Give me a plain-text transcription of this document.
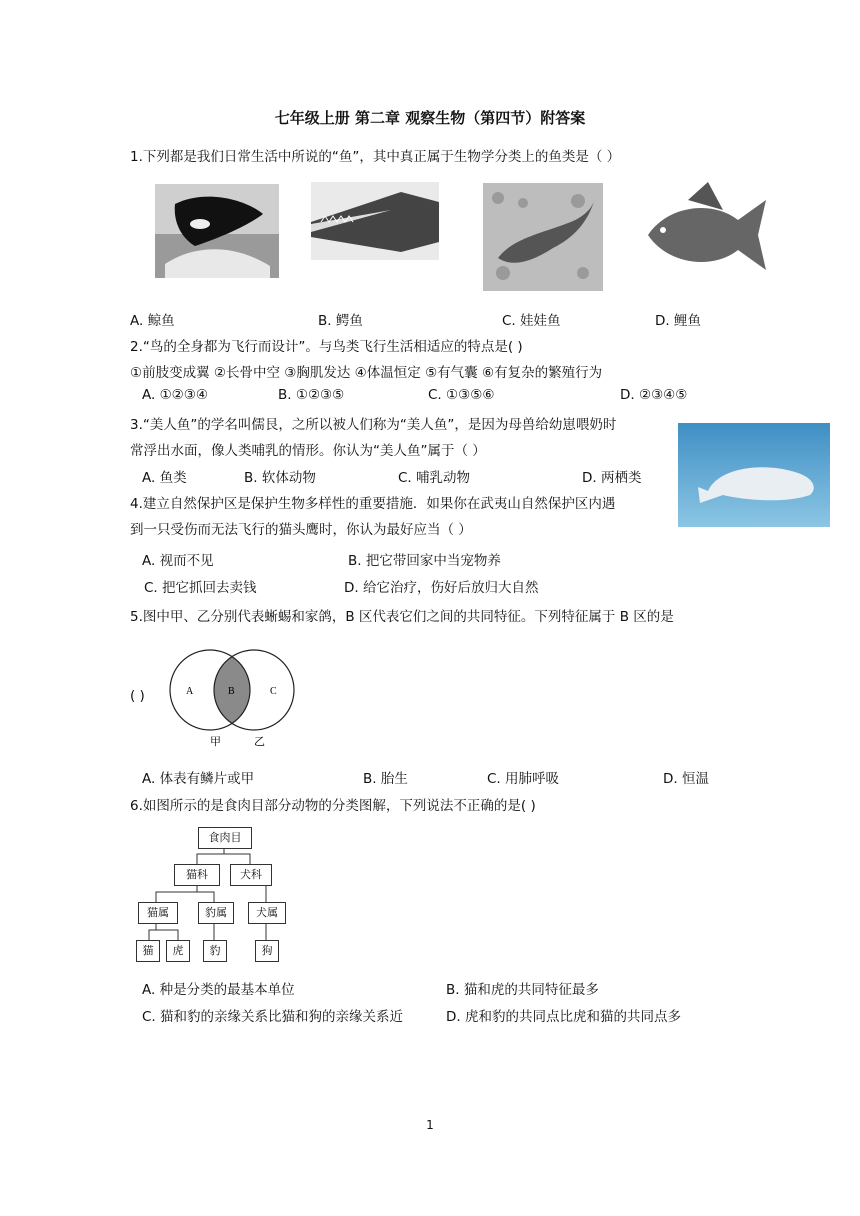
七年级上册 第二章 观察生物（第四节）附答案
1.下列都是我们日常生活中所说的“鱼”，其中真正属于生物学分类上的鱼类是（ ）
A. 鲸鱼	B. 鳄鱼	C. 娃娃鱼	D. 鲤鱼
2.“鸟的全身都为飞行而设计”。与鸟类飞行生活相适应的特点是( )
①前肢变成翼 ②长骨中空 ③胸肌发达 ④体温恒定 ⑤有气囊 ⑥有复杂的繁殖行为
A. ①②③④	B. ①②③⑤	C. ①③⑤⑥	D. ②③④⑤
3.“美人鱼”的学名叫儒艮，之所以被人们称为“美人鱼”，是因为母兽给幼崽喂奶时
常浮出水面，像人类哺乳的情形。你认为“美人鱼”属于（ ）
A. 鱼类	B. 软体动物	C. 哺乳动物	D. 两栖类
4.建立自然保护区是保护生物多样性的重要措施．如果你在武夷山自然保护区内遇
到一只受伤而无法飞行的猫头鹰时，你认为最好应当（ ）
A. 视而不见	B. 把它带回家中当宠物养
C. 把它抓回去卖钱	D. 给它治疗，伤好后放归大自然
5.图中甲、乙分别代表蜥蜴和家鸽，B 区代表它们之间的共同特征。下列特征属于 B 区的是
( )	A	B	C
甲	乙
A. 体表有鳞片或甲	B. 胎生	C. 用肺呼吸	D. 恒温
6.如图所示的是食肉目部分动物的分类图解，下列说法不正确的是( )
食肉目
猫科	犬科
猫属	豹属	犬属
猫	虎	豹	狗
A. 种是分类的最基本单位	B. 猫和虎的共同特征最多
C. 猫和豹的亲缘关系比猫和狗的亲缘关系近	D. 虎和豹的共同点比虎和猫的共同点多
1
